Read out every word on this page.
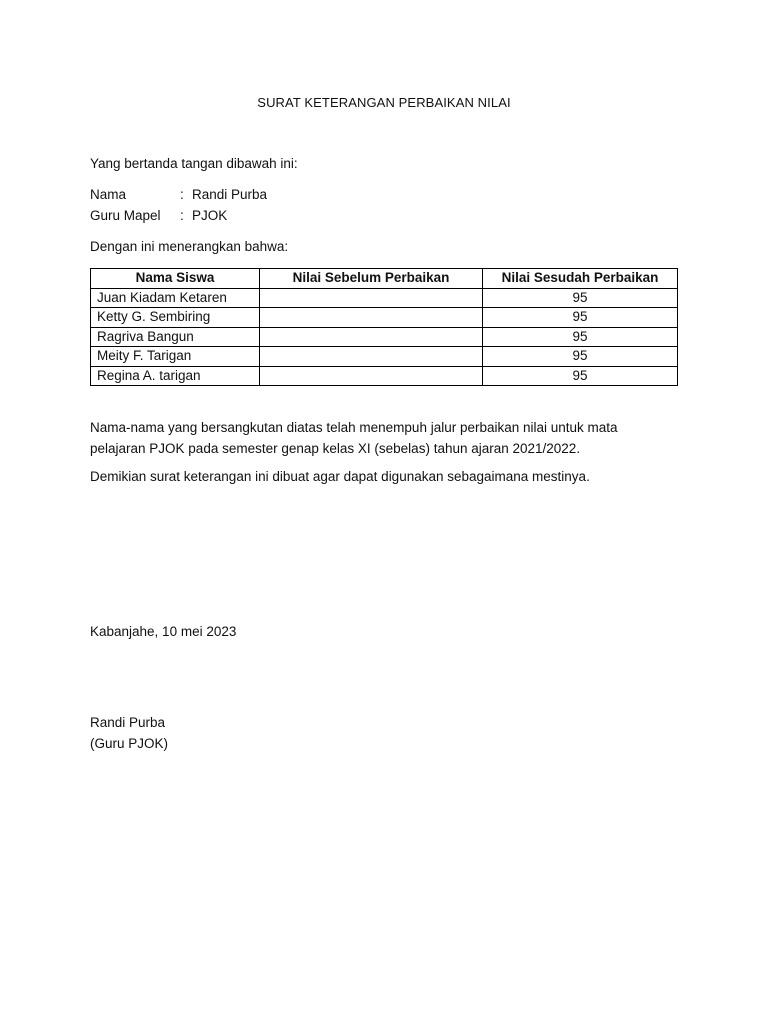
SURAT KETERANGAN PERBAIKAN NILAI
Yang bertanda tangan dibawah ini:
Nama	: Randi Purba
Guru Mapel : PJOK
Dengan ini menerangkan bahwa:
Nama Siswa	Nilai Sebelum Perbaikan	Nilai Sesudah Perbaikan
Juan Kiadam Ketaren		95
Ketty G. Sembiring		95
Ragriva Bangun		95
Meity F. Tarigan		95
Regina A. tarigan		95
Nama-nama yang bersangkutan diatas telah menempuh jalur perbaikan nilai untuk mata
pelajaran PJOK pada semester genap kelas XI (sebelas) tahun ajaran 2021/2022.
Demikian surat keterangan ini dibuat agar dapat digunakan sebagaimana mestinya.
Kabanjahe, 10 mei 2023
Randi Purba
(Guru PJOK)
